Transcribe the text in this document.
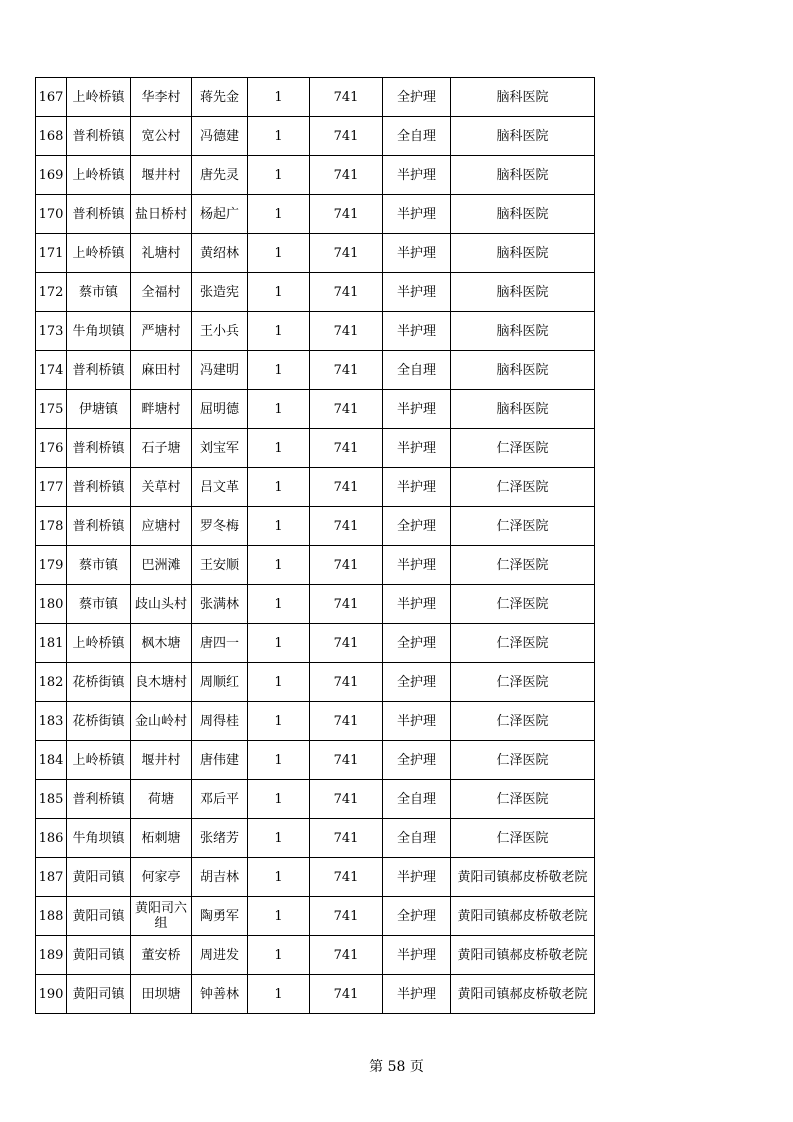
167	上岭桥镇	华李村	蒋先金	1	741	全护理	脑科医院
168	普利桥镇	宽公村	冯德建	1	741	全自理	脑科医院
169	上岭桥镇	堰井村	唐先灵	1	741	半护理	脑科医院
170	普利桥镇	盐日桥村	杨起广	1	741	半护理	脑科医院
171	上岭桥镇	礼塘村	黄绍林	1	741	半护理	脑科医院
172	蔡市镇	全福村	张造宪	1	741	半护理	脑科医院
173	牛角坝镇	严塘村	王小兵	1	741	半护理	脑科医院
174	普利桥镇	麻田村	冯建明	1	741	全自理	脑科医院
175	伊塘镇	畔塘村	屈明德	1	741	半护理	脑科医院
176	普利桥镇	石子塘	刘宝军	1	741	半护理	仁泽医院
177	普利桥镇	关草村	吕文革	1	741	半护理	仁泽医院
178	普利桥镇	应塘村	罗冬梅	1	741	全护理	仁泽医院
179	蔡市镇	巴洲滩	王安顺	1	741	半护理	仁泽医院
180	蔡市镇	歧山头村	张满林	1	741	半护理	仁泽医院
181	上岭桥镇	枫木塘	唐四一	1	741	全护理	仁泽医院
182	花桥街镇	良木塘村	周顺红	1	741	全护理	仁泽医院
183	花桥街镇	金山岭村	周得桂	1	741	半护理	仁泽医院
184	上岭桥镇	堰井村	唐伟建	1	741	全护理	仁泽医院
185	普利桥镇	荷塘	邓后平	1	741	全自理	仁泽医院
186	牛角坝镇	柘刺塘	张绪芳	1	741	全自理	仁泽医院
187	黄阳司镇	何家亭	胡吉林	1	741	半护理	黄阳司镇郝皮桥敬老院
188	黄阳司镇	黄阳司六组	陶勇军	1	741	全护理	黄阳司镇郝皮桥敬老院
189	黄阳司镇	董安桥	周进发	1	741	半护理	黄阳司镇郝皮桥敬老院
190	黄阳司镇	田坝塘	钟善林	1	741	半护理	黄阳司镇郝皮桥敬老院
第 58 页
